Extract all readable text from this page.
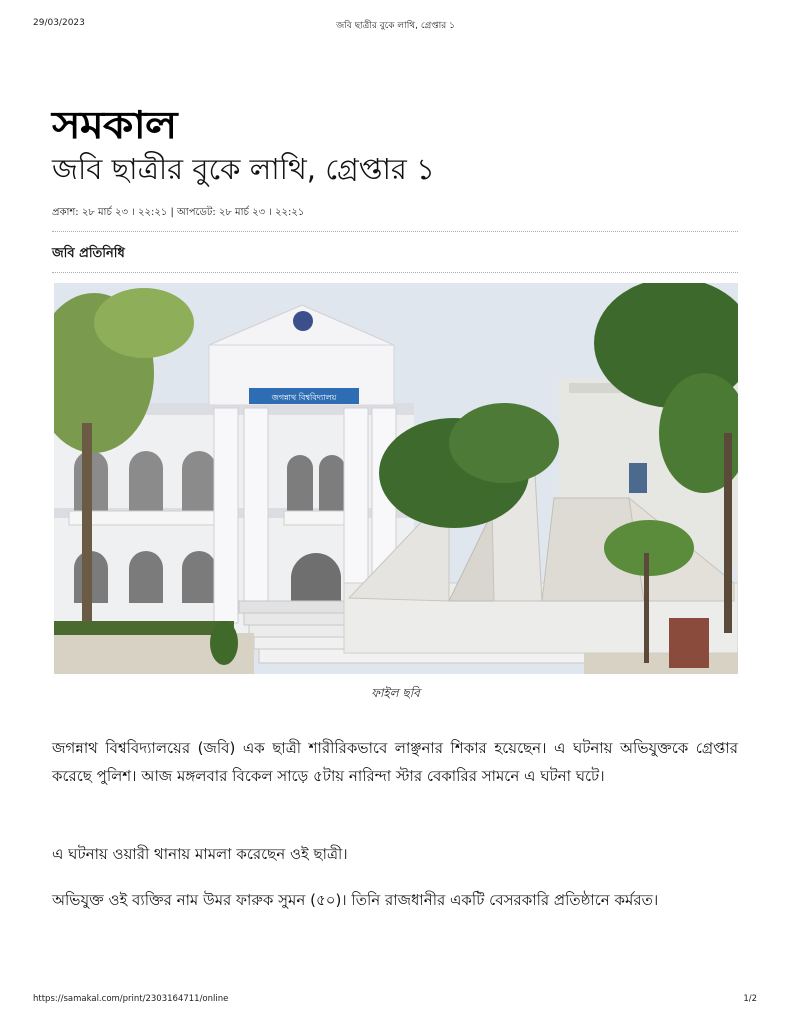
29/03/2023	জবি ছাত্রীর বুকে লাথি, গ্রেপ্তার ১
সমকাল
জবি ছাত্রীর বুকে লাথি, গ্রেপ্তার ১
প্রকাশ: ২৮ মার্চ ২৩ । ২২:২১ | আপডেট: ২৮ মার্চ ২৩ । ২২:২১
জবি প্রতিনিধি
জগন্নাথ বিশ্ববিদ্যালয়
ফাইল ছবি

জগন্নাথ বিশ্ববিদ্যালয়ের (জবি) এক ছাত্রী শারীরিকভাবে লাঞ্ছনার শিকার হয়েছেন। এ ঘটনায় অভিযুক্তকে গ্রেপ্তার করেছে পুলিশ। আজ মঙ্গলবার বিকেল সাড়ে ৫টায় নারিন্দা স্টার বেকারির সামনে এ ঘটনা ঘটে।

এ ঘটনায় ওয়ারী থানায় মামলা করেছেন ওই ছাত্রী।

অভিযুক্ত ওই ব্যক্তির নাম উমর ফারুক সুমন (৫০)। তিনি রাজধানীর একটি বেসরকারি প্রতিষ্ঠানে কর্মরত।

https://samakal.com/print/2303164711/online	1/2
